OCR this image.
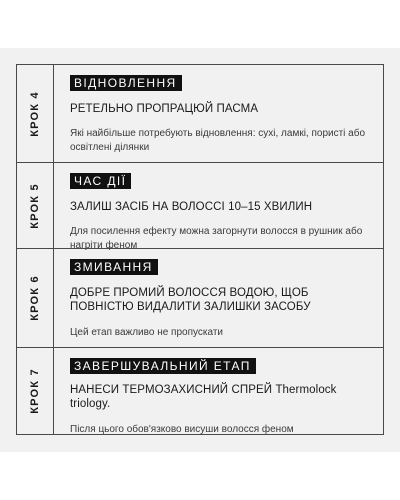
КРОК 4
ВІДНОВЛЕННЯ
РЕТЕЛЬНО ПРОПРАЦЮЙ ПАСМА
Які найбільше потребують відновлення: сухі, ламкі, пористі або освітлені ділянки
КРОК 5
ЧАС ДІЇ
ЗАЛИШ ЗАСІБ НА ВОЛОССІ 10–15 ХВИЛИН
Для посилення ефекту можна загорнути волосся в рушник або нагріти феном
КРОК 6
ЗМИВАННЯ
ДОБРЕ ПРОМИЙ ВОЛОССЯ ВОДОЮ, ЩОБ ПОВНІСТЮ ВИДАЛИТИ ЗАЛИШКИ ЗАСОБУ
Цей етап важливо не пропускати
КРОК 7
ЗАВЕРШУВАЛЬНИЙ ЕТАП
НАНЕСИ ТЕРМОЗАХИСНИЙ СПРЕЙ Thermolock triology.
Після цього обов'язково висуши волосся феном
